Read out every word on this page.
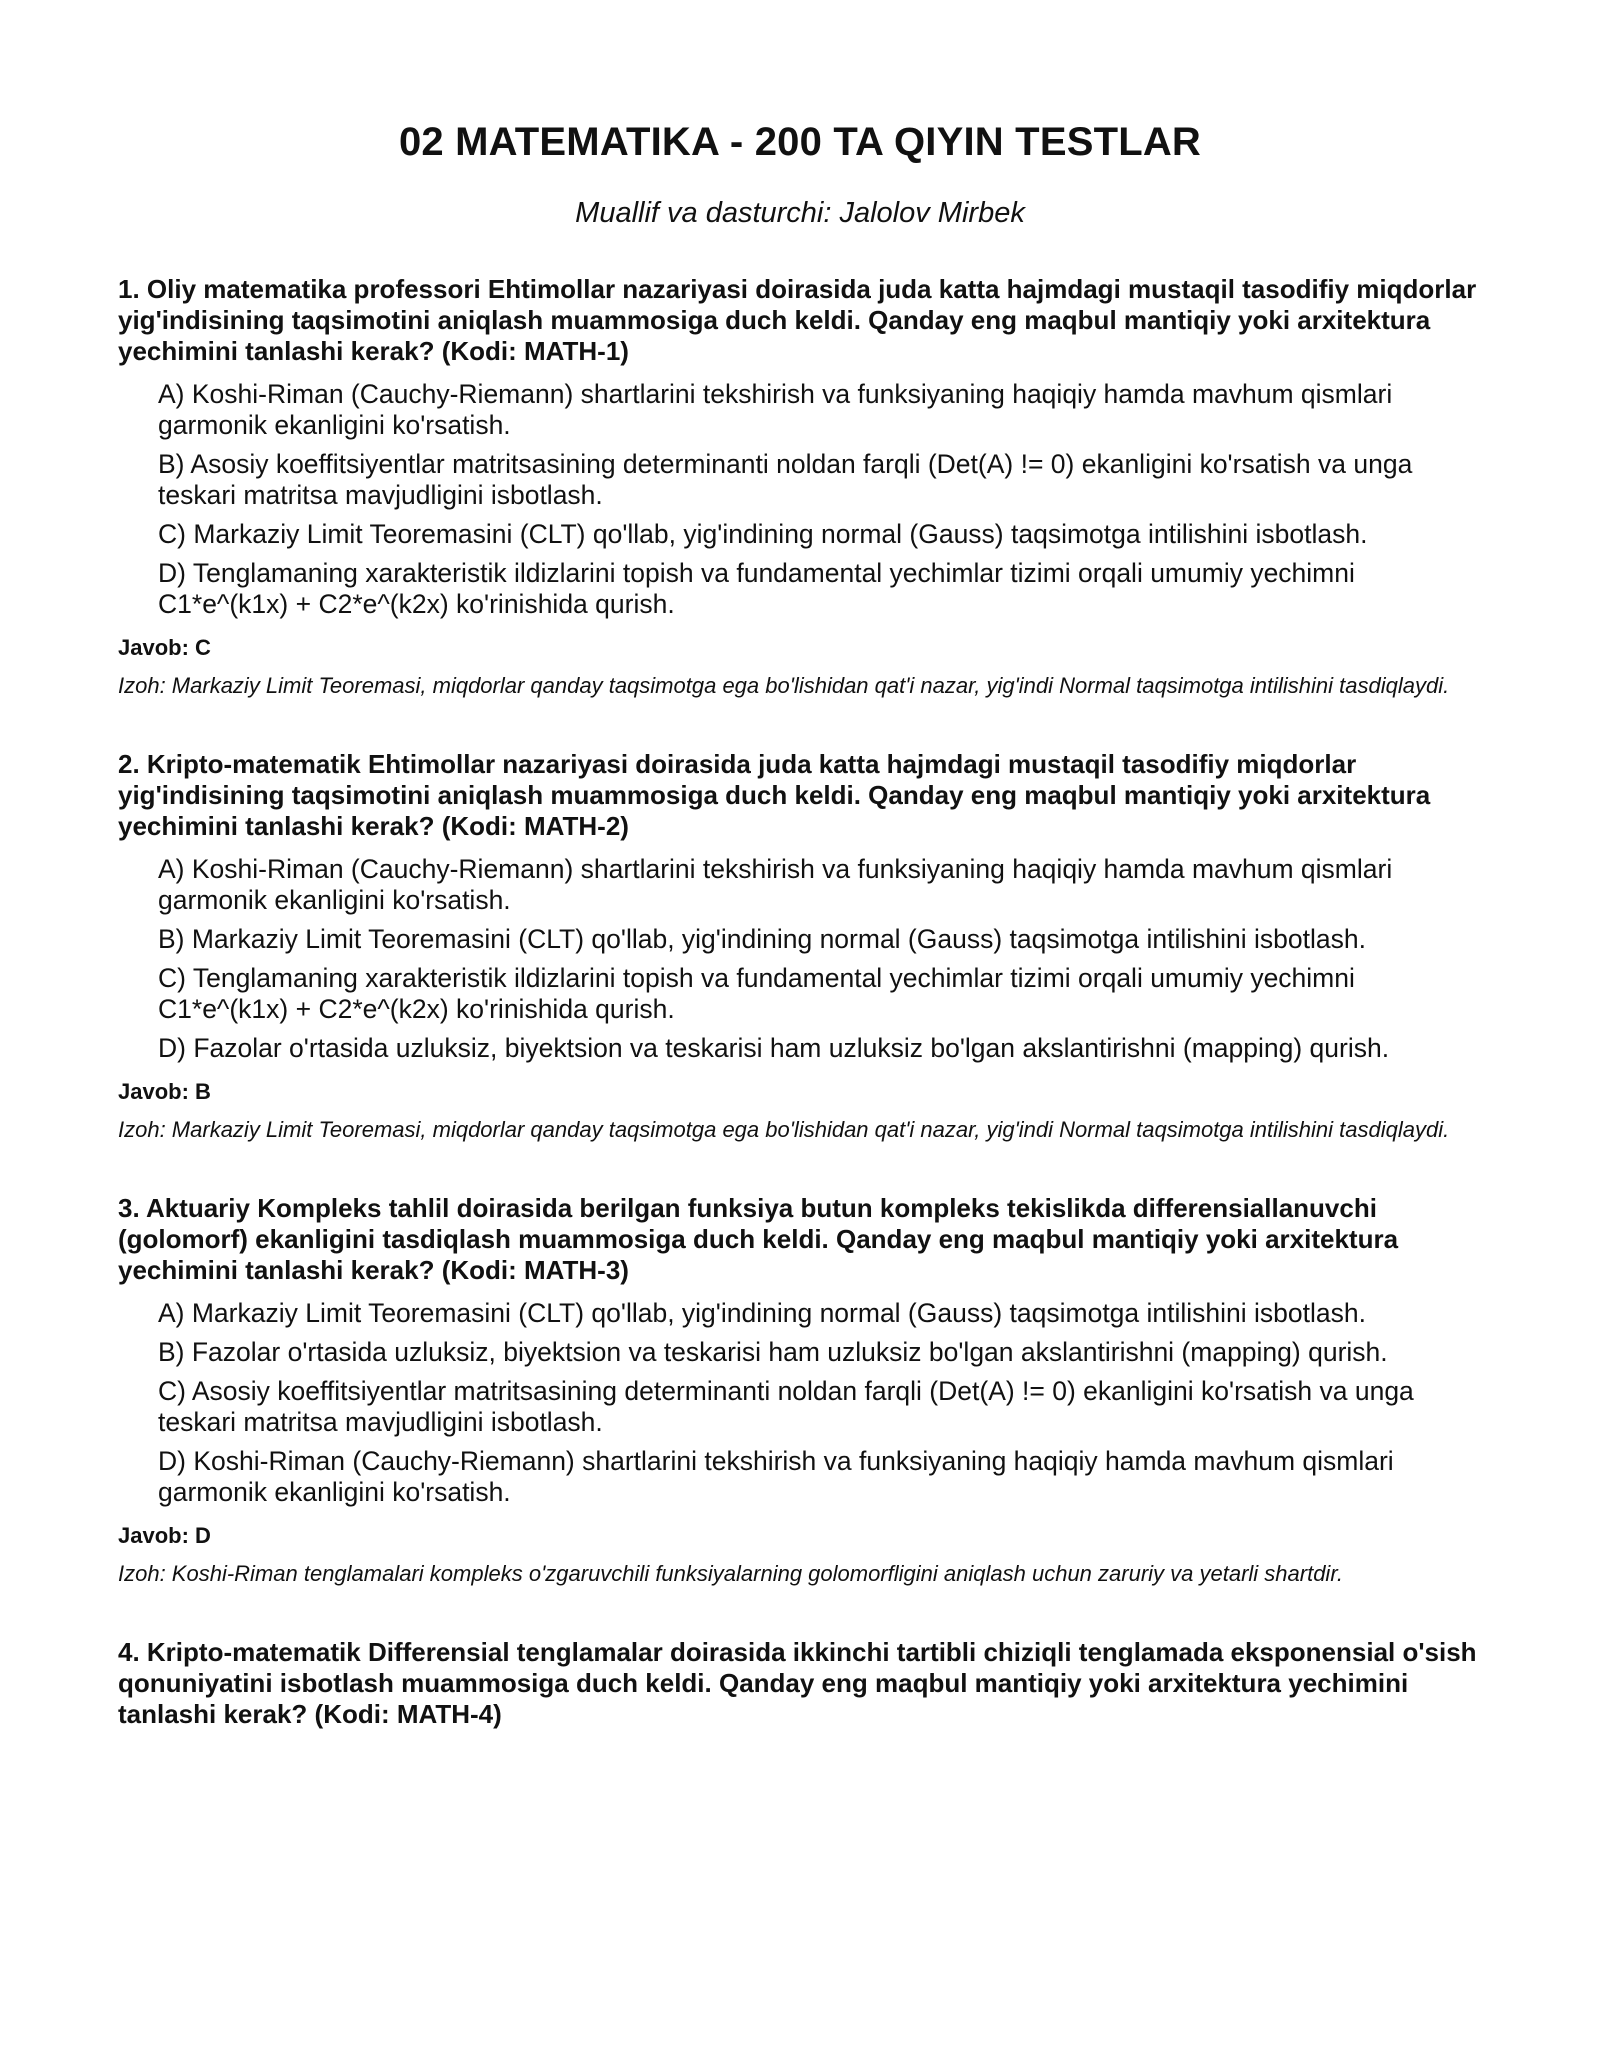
02 MATEMATIKA - 200 TA QIYIN TESTLAR
Muallif va dasturchi: Jalolov Mirbek

1. Oliy matematika professori Ehtimollar nazariyasi doirasida juda katta hajmdagi mustaqil tasodifiy miqdorlar yig'indisining taqsimotini aniqlash muammosiga duch keldi. Qanday eng maqbul mantiqiy yoki arxitektura yechimini tanlashi kerak? (Kodi: MATH-1)

A) Koshi-Riman (Cauchy-Riemann) shartlarini tekshirish va funksiyaning haqiqiy hamda mavhum qismlari garmonik ekanligini ko'rsatish.
B) Asosiy koeffitsiyentlar matritsasining determinanti noldan farqli (Det(A) != 0) ekanligini ko'rsatish va unga teskari matritsa mavjudligini isbotlash.
C) Markaziy Limit Teoremasini (CLT) qo'llab, yig'indining normal (Gauss) taqsimotga intilishini isbotlash.
D) Tenglamaning xarakteristik ildizlarini topish va fundamental yechimlar tizimi orqali umumiy yechimni C1*e^(k1x) + C2*e^(k2x) ko'rinishida qurish.
Javob: C

Izoh: Markaziy Limit Teoremasi, miqdorlar qanday taqsimotga ega bo'lishidan qat'i nazar, yig'indi Normal taqsimotga intilishini tasdiqlaydi.

2. Kripto-matematik Ehtimollar nazariyasi doirasida juda katta hajmdagi mustaqil tasodifiy miqdorlar yig'indisining taqsimotini aniqlash muammosiga duch keldi. Qanday eng maqbul mantiqiy yoki arxitektura yechimini tanlashi kerak? (Kodi: MATH-2)

A) Koshi-Riman (Cauchy-Riemann) shartlarini tekshirish va funksiyaning haqiqiy hamda mavhum qismlari garmonik ekanligini ko'rsatish.
B) Markaziy Limit Teoremasini (CLT) qo'llab, yig'indining normal (Gauss) taqsimotga intilishini isbotlash.
C) Tenglamaning xarakteristik ildizlarini topish va fundamental yechimlar tizimi orqali umumiy yechimni C1*e^(k1x) + C2*e^(k2x) ko'rinishida qurish.
D) Fazolar o'rtasida uzluksiz, biyektsion va teskarisi ham uzluksiz bo'lgan akslantirishni (mapping) qurish.
Javob: B

Izoh: Markaziy Limit Teoremasi, miqdorlar qanday taqsimotga ega bo'lishidan qat'i nazar, yig'indi Normal taqsimotga intilishini tasdiqlaydi.

3. Aktuariy Kompleks tahlil doirasida berilgan funksiya butun kompleks tekislikda differensiallanuvchi (golomorf) ekanligini tasdiqlash muammosiga duch keldi. Qanday eng maqbul mantiqiy yoki arxitektura yechimini tanlashi kerak? (Kodi: MATH-3)

A) Markaziy Limit Teoremasini (CLT) qo'llab, yig'indining normal (Gauss) taqsimotga intilishini isbotlash.
B) Fazolar o'rtasida uzluksiz, biyektsion va teskarisi ham uzluksiz bo'lgan akslantirishni (mapping) qurish.
C) Asosiy koeffitsiyentlar matritsasining determinanti noldan farqli (Det(A) != 0) ekanligini ko'rsatish va unga teskari matritsa mavjudligini isbotlash.
D) Koshi-Riman (Cauchy-Riemann) shartlarini tekshirish va funksiyaning haqiqiy hamda mavhum qismlari garmonik ekanligini ko'rsatish.
Javob: D

Izoh: Koshi-Riman tenglamalari kompleks o'zgaruvchili funksiyalarning golomorfligini aniqlash uchun zaruriy va yetarli shartdir.

4. Kripto-matematik Differensial tenglamalar doirasida ikkinchi tartibli chiziqli tenglamada eksponensial o'sish qonuniyatini isbotlash muammosiga duch keldi. Qanday eng maqbul mantiqiy yoki arxitektura yechimini tanlashi kerak? (Kodi: MATH-4)
